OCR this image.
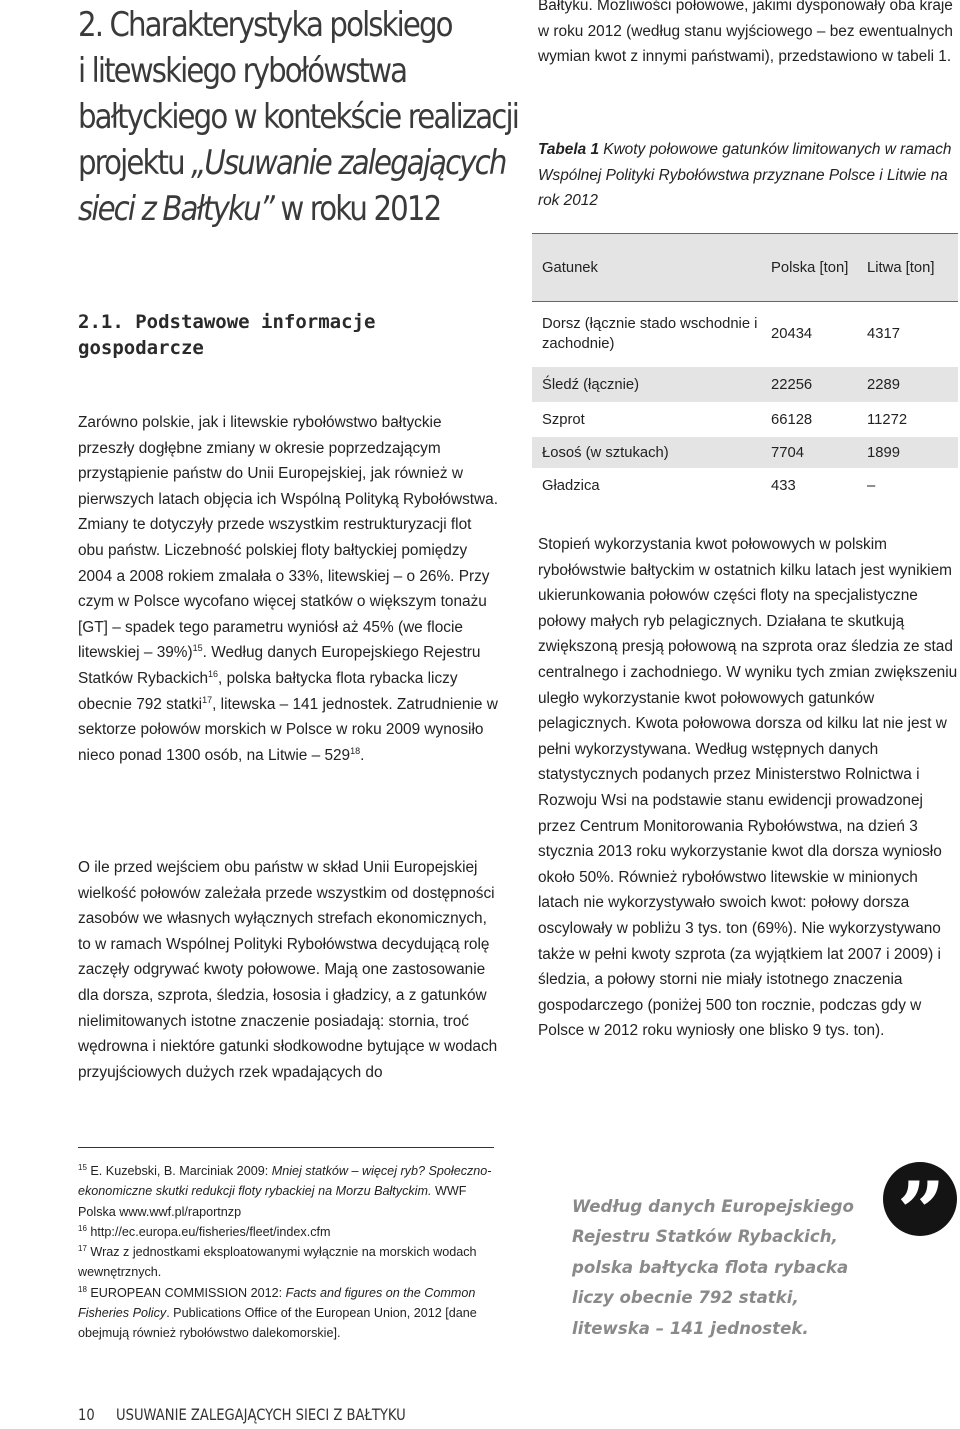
2. Charakterystyka polskiego
i litewskiego rybołówstwa
bałtyckiego w kontekście realizacji
projektu „Usuwanie zalegających
sieci z Bałtyku” w roku 2012
2.1. Podstawowe informacje gospodarcze

Zarówno polskie, jak i litewskie rybołówstwo bałtyckie przeszły dogłębne zmiany w okresie poprzedzającym przystąpienie państw do Unii Europejskiej, jak również w pierwszych latach objęcia ich Wspólną Polityką Rybołówstwa. Zmiany te dotyczyły przede wszystkim restrukturyzacji flot obu państw. Liczebność polskiej floty bałtyckiej pomiędzy 2004 a 2008 rokiem zmalała o 33%, litewskiej – o 26%. Przy czym w Polsce wycofano więcej statków o większym tonażu [GT] – spadek tego parametru wyniósł aż 45% (we flocie litewskiej – 39%)$^{15}$. Według danych Europejskiego Rejestru Statków Rybackich$^{16}$, polska bałtycka flota rybacka liczy obecnie 792 statki$^{17}$, litewska – 141 jednostek. Zatrudnienie w sektorze połowów morskich w Polsce w roku 2009 wynosiło nieco ponad 1300 osób, na Litwie – $529^{18}$.

O ile przed wejściem obu państw w skład Unii Europejskiej wielkość połowów zależała przede wszystkim od dostępności zasobów we własnych wyłącznych strefach ekonomicznych, to w ramach Wspólnej Polityki Rybołówstwa decydującą rolę zaczęły odgrywać kwoty połowowe. Mają one zastosowanie dla dorsza, szprota, śledzia, łososia i gładzicy, a z gatunków nielimitowanych istotne znaczenie posiadają: stornia, troć wędrowna i niektóre gatunki słodkowodne bytujące w wodach przyujściowych dużych rzek wpadających do

$^{15}$ E. Kuzebski, B. Marciniak 2009: Mniej statków – więcej ryb? Społeczno-ekonomiczne skutki redukcji floty rybackiej na Morzu Bałtyckim. WWF Polska www.wwf.pl/raportnzp

$^{16}$ http://ec.europa.eu/fisheries/fleet/index.cfm

$^{17}$ Wraz z jednostkami eksploatowanymi wyłącznie na morskich wodach wewnętrznych.

$^{18}$ EUROPEAN COMMISSION 2012: Facts and figures on the Common Fisheries Policy. Publications Office of the European Union, 2012 [dane obejmują również rybołówstwo dalekomorskie].

10 USUWANIE ZALEGAJĄCYCH SIECI Z BAŁTYKU

Bałtyku. Możliwości połowowe, jakimi dysponowały oba kraje w roku 2012 (według stanu wyjściowego – bez ewentualnych wymian kwot z innymi państwami), przedstawiono w tabeli 1.

Tabela 1 Kwoty połowowe gatunków limitowanych w ramach Wspólnej Polityki Rybołówstwa przyznane Polsce i Litwie na rok 2012

Gatunek	Polska [ton]	Litwa [ton]
Dorsz (łącznie stado wschodnie i zachodnie)	20434	4317
Śledź (łącznie)	22256	2289
Szprot	66128	11272
Łosoś (w sztukach)	7704	1899
Gładzica	433	–

Stopień wykorzystania kwot połowowych w polskim rybołówstwie bałtyckim w ostatnich kilku latach jest wynikiem ukierunkowania połowów części floty na specjalistyczne połowy małych ryb pelagicznych. Działana te skutkują zwiększoną presją połowową na szprota oraz śledzia ze stad centralnego i zachodniego. W wyniku tych zmian zwiększeniu uległo wykorzystanie kwot połowowych gatunków pelagicznych. Kwota połowowa dorsza od kilku lat nie jest w pełni wykorzystywana. Według wstępnych danych statystycznych podanych przez Ministerstwo Rolnictwa i Rozwoju Wsi na podstawie stanu ewidencji prowadzonej przez Centrum Monitorowania Rybołówstwa, na dzień 3 stycznia 2013 roku wykorzystanie kwot dla dorsza wyniosło około 50%. Również rybołówstwo litewskie w minionych latach nie wykorzystywało swoich kwot: połowy dorsza oscylowały w pobliżu 3 tys. ton (69%). Nie wykorzystywano także w pełni kwoty szprota (za wyjątkiem lat 2007 i 2009) i śledzia, a połowy storni nie miały istotnego znaczenia gospodarczego (poniżej 500 ton rocznie, podczas gdy w Polsce w 2012 roku wyniosły one blisko 9 tys. ton).

Według danych Europejskiego Rejestru Statków Rybackich, polska bałtycka flota rybacka liczy obecnie 792 statki, litewska – 141 jednostek.

”
